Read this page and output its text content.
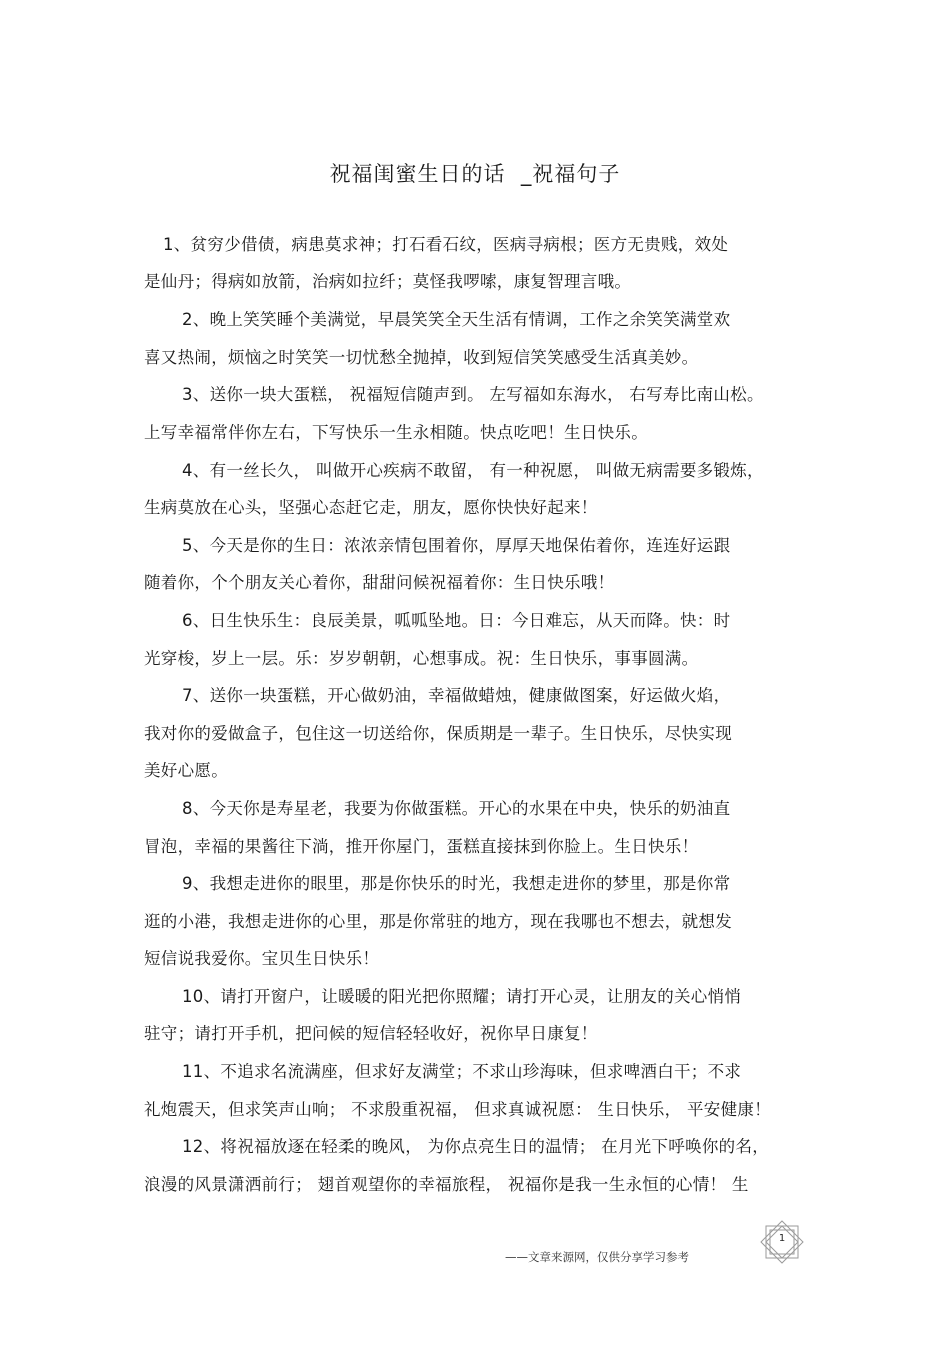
祝福闺蜜生日的话  _祝福句子
1、贫穷少借债，病患莫求神；打石看石纹，医病寻病根；医方无贵贱，效处
是仙丹；得病如放箭，治病如拉纤；莫怪我啰嗦，康复智理言哦。
2、晚上笑笑睡个美满觉，早晨笑笑全天生活有情调，工作之余笑笑满堂欢
喜又热闹，烦恼之时笑笑一切忧愁全抛掉，收到短信笑笑感受生活真美妙。
3、送你一块大蛋糕， 祝福短信随声到。 左写福如东海水， 右写寿比南山松。
上写幸福常伴你左右，下写快乐一生永相随。快点吃吧！生日快乐。
4、有一丝长久， 叫做开心疾病不敢留， 有一种祝愿， 叫做无病需要多锻炼，
生病莫放在心头，坚强心态赶它走，朋友，愿你快快好起来！
5、今天是你的生日：浓浓亲情包围着你，厚厚天地保佑着你，连连好运跟
随着你，个个朋友关心着你，甜甜问候祝福着你：生日快乐哦！
6、日生快乐生：良辰美景，呱呱坠地。日：今日难忘，从天而降。快：时
光穿梭，岁上一层。乐：岁岁朝朝，心想事成。祝：生日快乐，事事圆满。
7、送你一块蛋糕，开心做奶油，幸福做蜡烛，健康做图案，好运做火焰，
我对你的爱做盒子，包住这一切送给你，保质期是一辈子。生日快乐，尽快实现
美好心愿。
8、今天你是寿星老，我要为你做蛋糕。开心的水果在中央，快乐的奶油直
冒泡，幸福的果酱往下淌，推开你屋门，蛋糕直接抹到你脸上。生日快乐！
9、我想走进你的眼里，那是你快乐的时光，我想走进你的梦里，那是你常
逛的小港，我想走进你的心里，那是你常驻的地方，现在我哪也不想去，就想发
短信说我爱你。宝贝生日快乐！
10、请打开窗户，让暖暖的阳光把你照耀；请打开心灵，让朋友的关心悄悄
驻守；请打开手机，把问候的短信轻轻收好，祝你早日康复！
11、不追求名流满座，但求好友满堂；不求山珍海味，但求啤酒白干；不求
礼炮震天，但求笑声山响； 不求殷重祝福， 但求真诚祝愿： 生日快乐， 平安健康！
12、将祝福放逐在轻柔的晚风， 为你点亮生日的温情； 在月光下呼唤你的名，
浪漫的风景潇洒前行； 翅首观望你的幸福旅程， 祝福你是我一生永恒的心情！ 生
——文章来源网，仅供分享学习参考
1
